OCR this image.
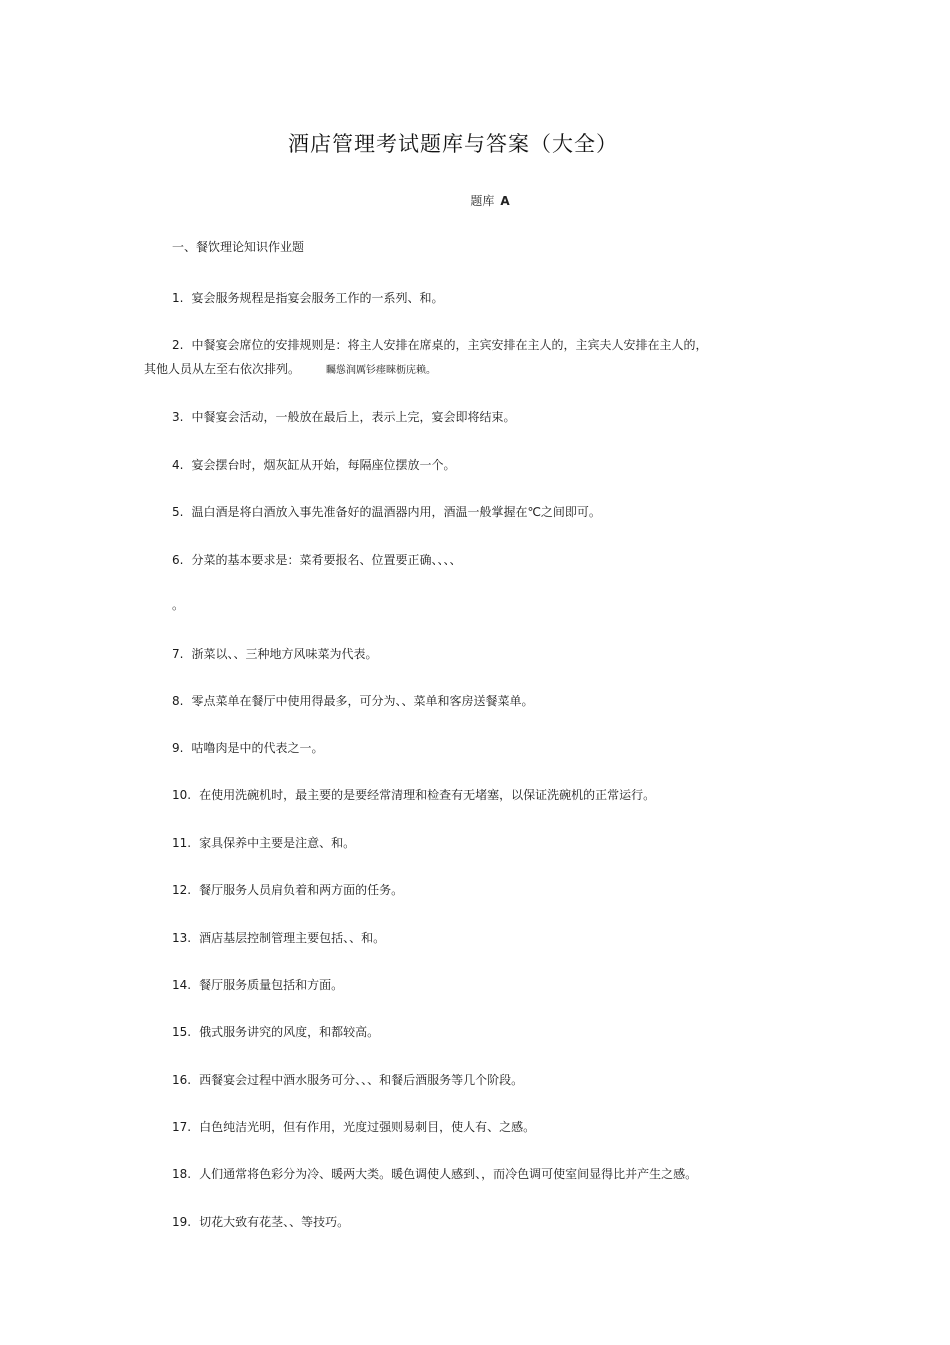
酒店管理考试题库与答案（大全）
题库 A
一、餐饮理论知识作业题
1. 宴会服务规程是指宴会服务工作的一系列、和。
2. 中餐宴会席位的安排规则是：将主人安排在席桌的，主宾安排在主人的，主宾夫人安排在主人的，
其他人员从左至右依次排列。	矚慫润厲钐瘗睞枥庑赖。
3. 中餐宴会活动，一般放在最后上，表示上完，宴会即将结束。
4. 宴会摆台时，烟灰缸从开始，每隔座位摆放一个。
5. 温白酒是将白酒放入事先准备好的温酒器内用，酒温一般掌握在℃之间即可。
6. 分菜的基本要求是：菜肴要报名、位置要正确、、、、
。
7. 浙菜以、、三种地方风味菜为代表。
8. 零点菜单在餐厅中使用得最多，可分为、、菜单和客房送餐菜单。
9. 咕噜肉是中的代表之一。
10. 在使用洗碗机时，最主要的是要经常清理和检查有无堵塞，以保证洗碗机的正常运行。
11. 家具保养中主要是注意、和。
12. 餐厅服务人员肩负着和两方面的任务。
13. 酒店基层控制管理主要包括、、和。
14. 餐厅服务质量包括和方面。
15. 俄式服务讲究的风度，和都较高。
16. 西餐宴会过程中酒水服务可分、、、和餐后酒服务等几个阶段。
17. 白色纯洁光明，但有作用，光度过强则易刺目，使人有、之感。
18. 人们通常将色彩分为冷、暖两大类。暖色调使人感到、，而冷色调可使室间显得比并产生之感。
19. 切花大致有花茎、、等技巧。
